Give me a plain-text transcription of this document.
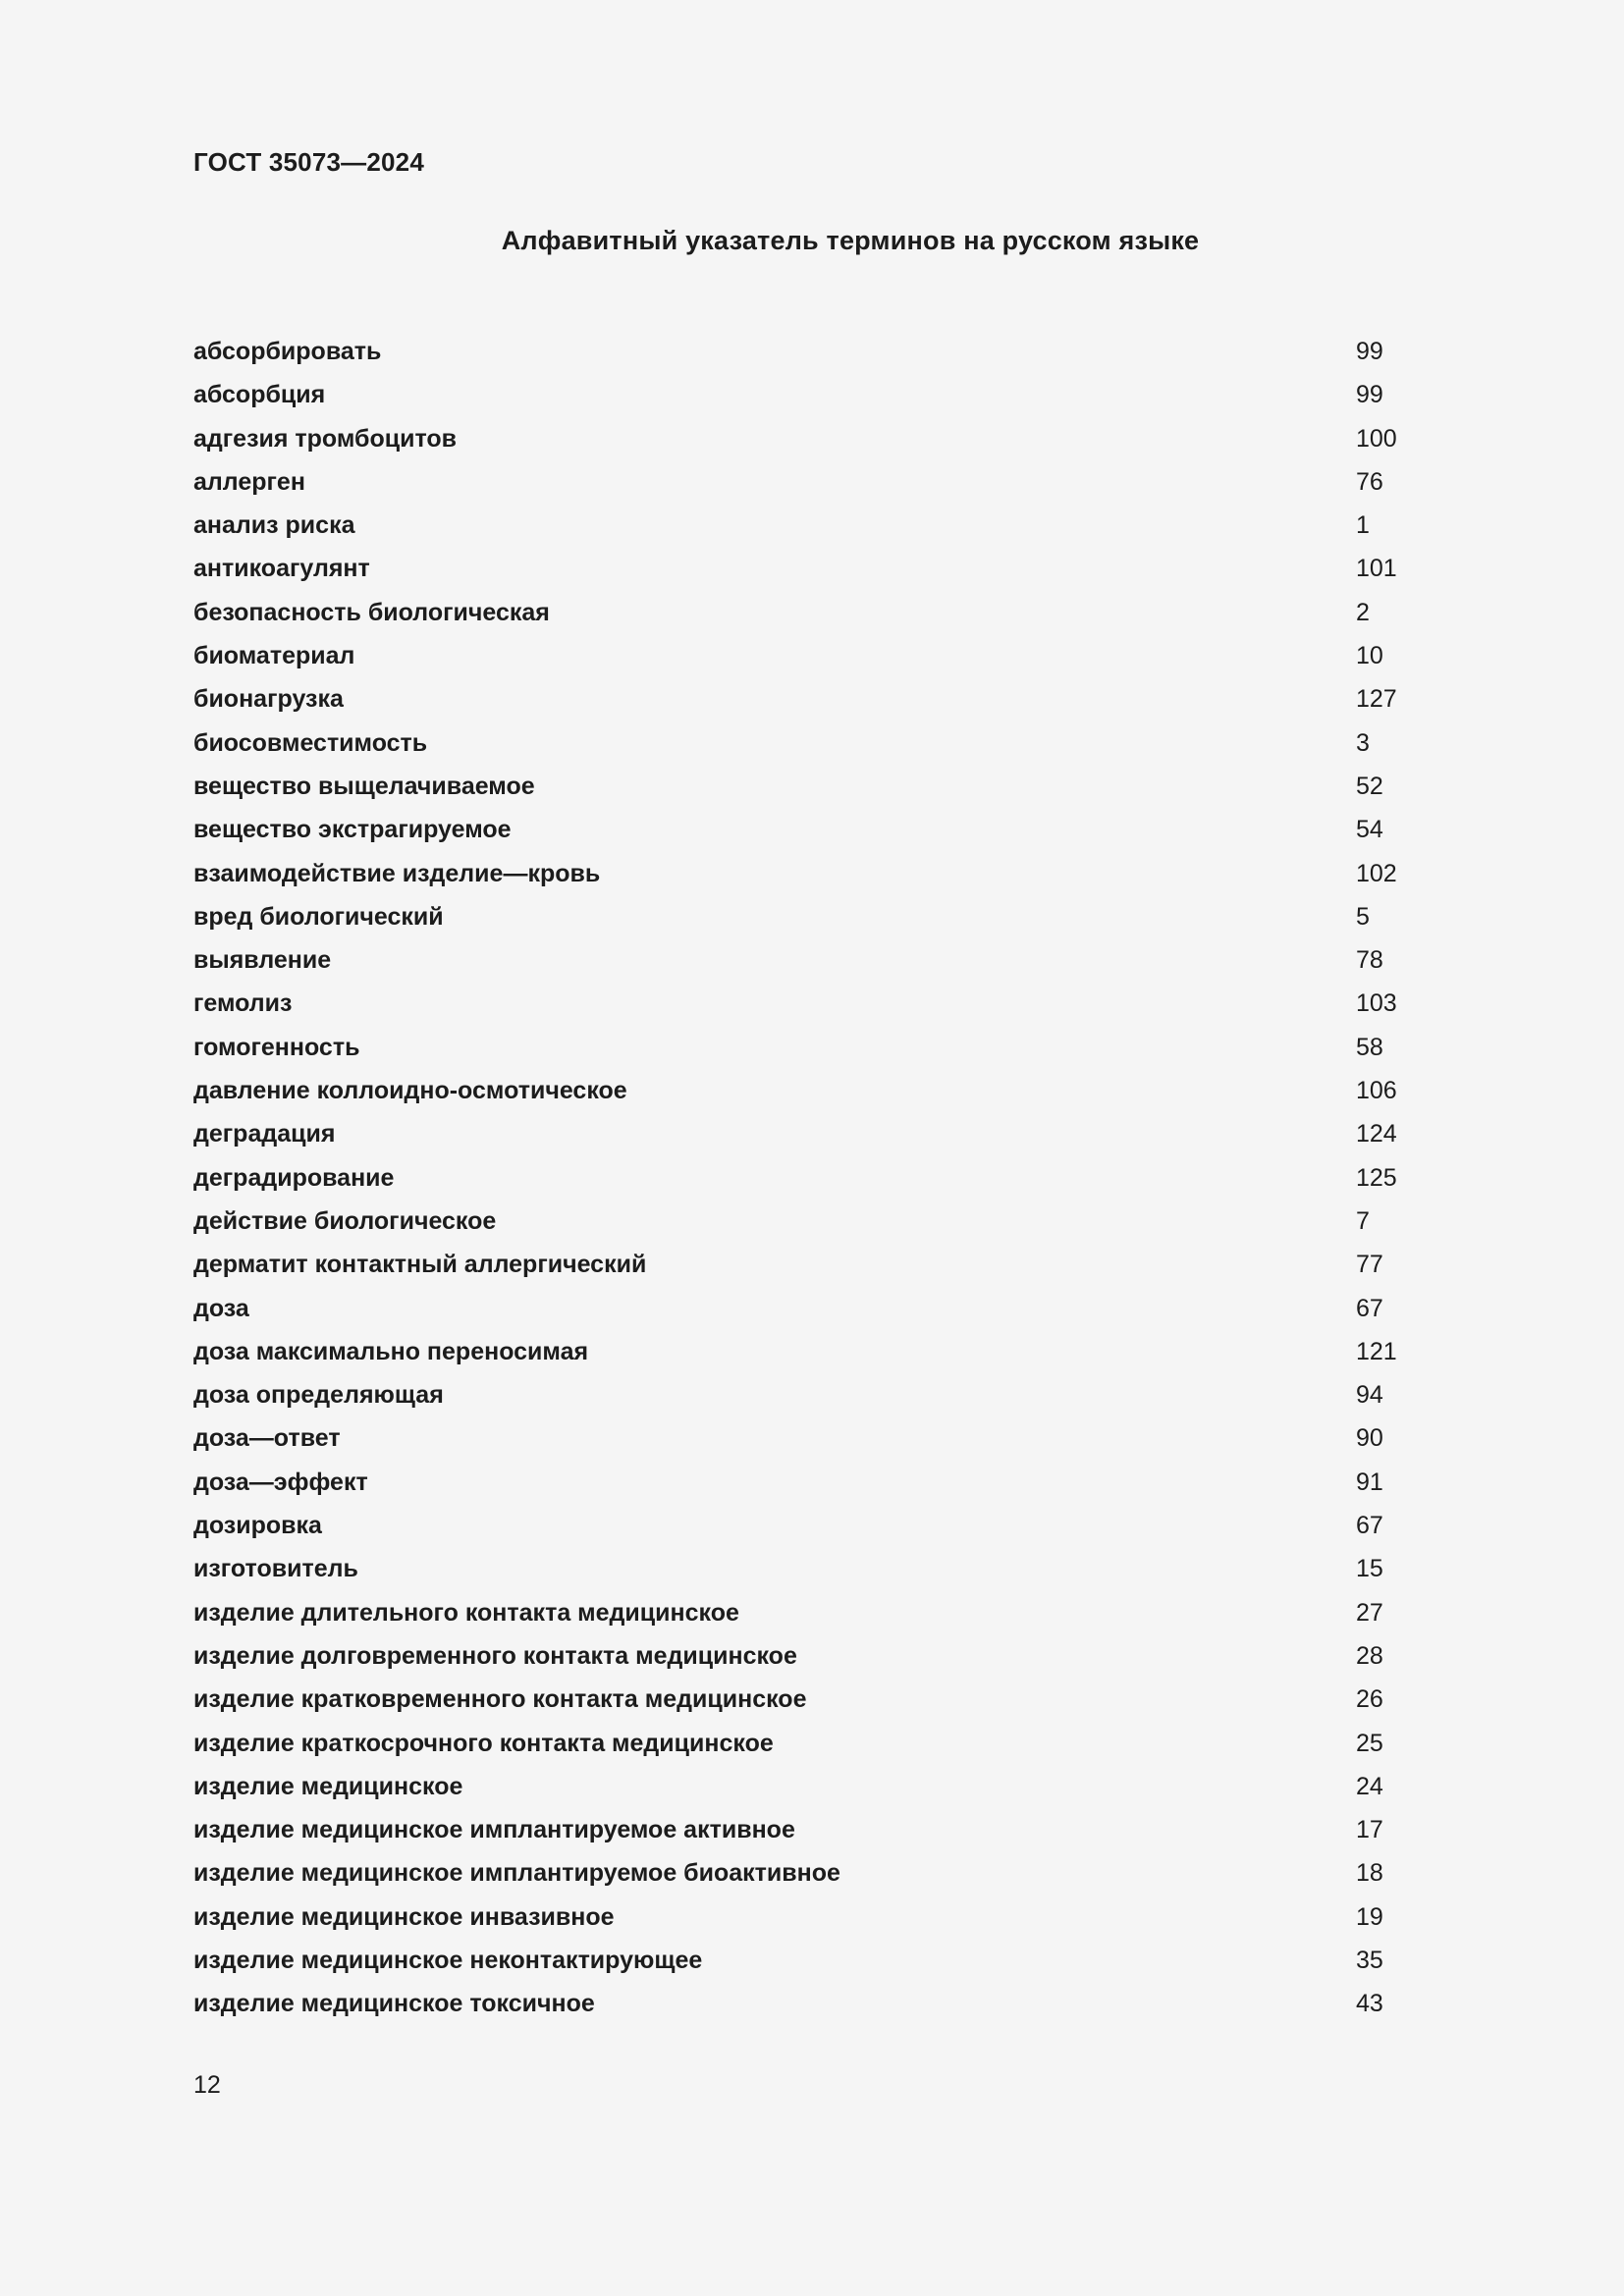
ГОСТ 35073—2024
Алфавитный указатель терминов на русском языке
абсорбировать	99
абсорбция	99
адгезия тромбоцитов	100
аллерген	76
анализ риска	1
антикоагулянт	101
безопасность биологическая	2
биоматериал	10
бионагрузка	127
биосовместимость	3
вещество выщелачиваемое	52
вещество экстрагируемое	54
взаимодействие изделие—кровь	102
вред биологический	5
выявление	78
гемолиз	103
гомогенность	58
давление коллоидно-осмотическое	106
деградация	124
деградирование	125
действие биологическое	7
дерматит контактный аллергический	77
доза	67
доза максимально переносимая	121
доза определяющая	94
доза—ответ	90
доза—эффект	91
дозировка	67
изготовитель	15
изделие длительного контакта медицинское	27
изделие долговременного контакта медицинское	28
изделие кратковременного контакта медицинское	26
изделие краткосрочного контакта медицинское	25
изделие медицинское	24
изделие медицинское имплантируемое активное	17
изделие медицинское имплантируемое биоактивное	18
изделие медицинское инвазивное	19
изделие медицинское неконтактирующее	35
изделие медицинское токсичное	43
12
